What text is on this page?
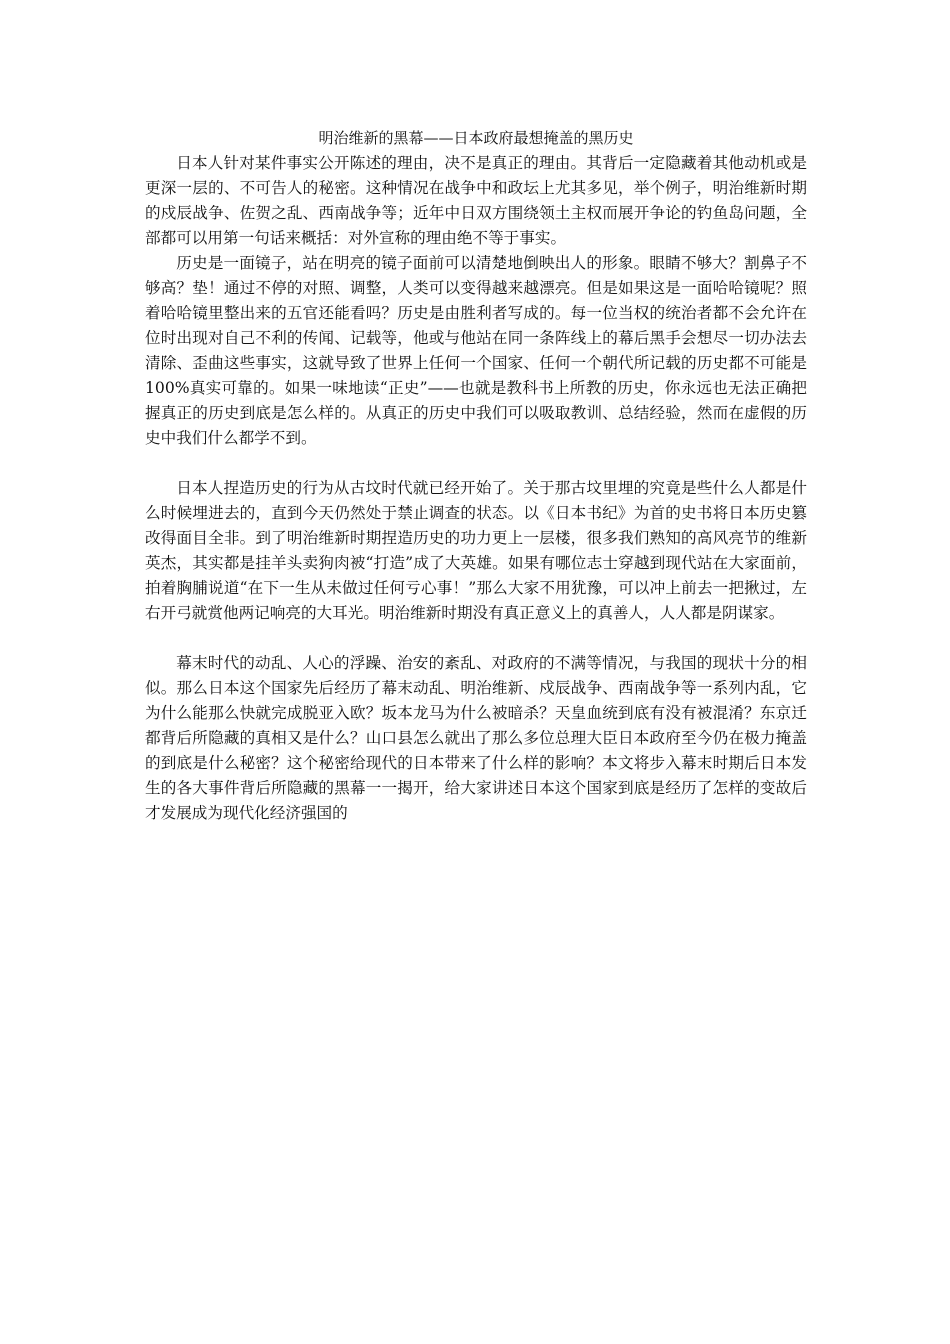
明治维新的黑幕——日本政府最想掩盖的黑历史

日本人针对某件事实公开陈述的理由，决不是真正的理由。其背后一定隐藏着其他动机或是更深一层的、不可告人的秘密。这种情况在战争中和政坛上尤其多见，举个例子，明治维新时期的戍辰战争、佐贺之乱、西南战争等；近年中日双方围绕领土主权而展开争论的钓鱼岛问题，全部都可以用第一句话来概括：对外宣称的理由绝不等于事实。

历史是一面镜子，站在明亮的镜子面前可以清楚地倒映出人的形象。眼睛不够大？割鼻子不够高？垫！通过不停的对照、调整，人类可以变得越来越漂亮。但是如果这是一面哈哈镜呢？照着哈哈镜里整出来的五官还能看吗？历史是由胜利者写成的。每一位当权的统治者都不会允许在位时出现对自己不利的传闻、记载等，他或与他站在同一条阵线上的幕后黑手会想尽一切办法去清除、歪曲这些事实，这就导致了世界上任何一个国家、任何一个朝代所记载的历史都不可能是100%真实可靠的。如果一味地读“正史”——也就是教科书上所教的历史，你永远也无法正确把握真正的历史到底是怎么样的。从真正的历史中我们可以吸取教训、总结经验，然而在虚假的历史中我们什么都学不到。

日本人捏造历史的行为从古坟时代就已经开始了。关于那古坟里埋的究竟是些什么人都是什么时候埋进去的，直到今天仍然处于禁止调查的状态。以《日本书纪》为首的史书将日本历史篡改得面目全非。到了明治维新时期捏造历史的功力更上一层楼，很多我们熟知的高风亮节的维新英杰，其实都是挂羊头卖狗肉被“打造”成了大英雄。如果有哪位志士穿越到现代站在大家面前，拍着胸脯说道“在下一生从未做过任何亏心事！”那么大家不用犹豫，可以冲上前去一把揪过，左右开弓就赏他两记响亮的大耳光。明治维新时期没有真正意义上的真善人，人人都是阴谋家。

幕末时代的动乱、人心的浮躁、治安的紊乱、对政府的不满等情况，与我国的现状十分的相似。那么日本这个国家先后经历了幕末动乱、明治维新、戍辰战争、西南战争等一系列内乱，它为什么能那么快就完成脱亚入欧？坂本龙马为什么被暗杀？天皇血统到底有没有被混淆？东京迁都背后所隐藏的真相又是什么？山口县怎么就出了那么多位总理大臣日本政府至今仍在极力掩盖的到底是什么秘密？这个秘密给现代的日本带来了什么样的影响？本文将步入幕末时期后日本发生的各大事件背后所隐藏的黑幕一一揭开，给大家讲述日本这个国家到底是经历了怎样的变故后才发展成为现代化经济强国的
